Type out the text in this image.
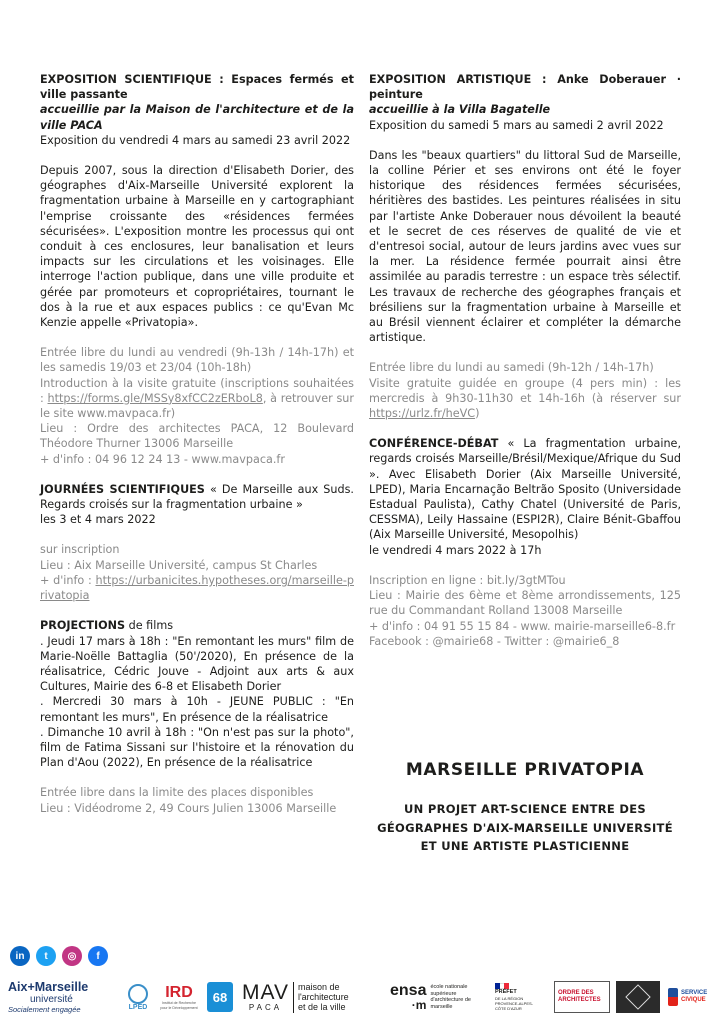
EXPOSITION SCIENTIFIQUE : Espaces fermés et ville passante

accueillie par la Maison de l'architecture et de la ville PACA

Exposition du vendredi 4 mars au samedi 23 avril 2022

Depuis 2007, sous la direction d'Elisabeth Dorier, des géographes d'Aix-Marseille Université explorent la fragmentation urbaine à Marseille en y cartographiant l'emprise croissante des «résidences fermées sécurisées». L'exposition montre les processus qui ont conduit à ces enclosures, leur banalisation et leurs impacts sur les circulations et les voisinages. Elle interroge l'action publique, dans une ville produite et gérée par promoteurs et copropriétaires, tournant le dos à la rue et aux espaces publics : ce qu'Evan Mc Kenzie appelle «Privatopia».

Entrée libre du lundi au vendredi (9h-13h / 14h-17h) et les samedis 19/03 et 23/04 (10h-18h)

Introduction à la visite gratuite (inscriptions souhaitées : https://forms.gle/MSSy8xfCC2zERboL8, à retrouver sur le site www.mavpaca.fr)

Lieu : Ordre des architectes PACA, 12 Boulevard Théodore Thurner 13006 Marseille

+ d'info : 04 96 12 24 13 - www.mavpaca.fr

JOURNÉES SCIENTIFIQUES « De Marseille aux Suds. Regards croisés sur la fragmentation urbaine »

les 3 et 4 mars 2022

sur inscription

Lieu : Aix Marseille Université, campus St Charles

+ d'info : https://urbanicites.hypotheses.org/marseille-privatopia

PROJECTIONS de films

. Jeudi 17 mars à 18h : "En remontant les murs" film de Marie-Noëlle Battaglia (50'/2020), En présence de la réalisatrice, Cédric Jouve - Adjoint aux arts & aux Cultures, Mairie des 6-8 et Elisabeth Dorier

. Mercredi 30 mars à 10h - JEUNE PUBLIC : "En remontant les murs", En présence de la réalisatrice

. Dimanche 10 avril à 18h : "On n'est pas sur la photo", film de Fatima Sissani sur l'histoire et la rénovation du Plan d'Aou (2022), En présence de la réalisatrice

Entrée libre dans la limite des places disponibles

Lieu : Vidéodrome 2, 49 Cours Julien 13006 Marseille

EXPOSITION ARTISTIQUE : Anke Doberauer · peinture

accueillie à la Villa Bagatelle

Exposition du samedi 5 mars au samedi 2 avril 2022

Dans les "beaux quartiers" du littoral Sud de Marseille, la colline Périer et ses environs ont été le foyer historique des résidences fermées sécurisées, héritières des bastides. Les peintures réalisées in situ par l'artiste Anke Doberauer nous dévoilent la beauté et le secret de ces réserves de qualité de vie et d'entresoi social, autour de leurs jardins avec vues sur la mer. La résidence fermée pourrait ainsi être assimilée au paradis terrestre : un espace très sélectif. Les travaux de recherche des géographes français et brésiliens sur la fragmentation urbaine à Marseille et au Brésil viennent éclairer et compléter la démarche artistique.

Entrée libre du lundi au samedi (9h-12h / 14h-17h)

Visite gratuite guidée en groupe (4 pers min) : les mercredis à 9h30-11h30 et 14h-16h (à réserver sur https://urlz.fr/heVC)

CONFÉRENCE-DÉBAT « La fragmentation urbaine, regards croisés Marseille/Brésil/Mexique/Afrique du Sud ». Avec Elisabeth Dorier (Aix Marseille Université, LPED), Maria Encarnação Beltrão Sposito (Universidade Estadual Paulista), Cathy Chatel (Université de Paris, CESSMA), Leily Hassaine (ESPI2R), Claire Bénit-Gbaffou (Aix Marseille Université, Mesopolhis)

le vendredi 4 mars 2022 à 17h

Inscription en ligne : bit.ly/3gtMTou

Lieu : Mairie des 6ème et 8ème arrondissements, 125 rue du Commandant Rolland 13008 Marseille

+ d'info : 04 91 55 15 84 - www. mairie-marseille6-8.fr

Facebook : @mairie68 - Twitter : @mairie6_8

MARSEILLE PRIVATOPIA
UN PROJET ART-SCIENCE ENTRE DES GÉOGRAPHES D'AIX-MARSEILLE UNIVERSITÉ ET UNE ARTISTE PLASTICIENNE
in	t	◎	f
Aix+Marseille
université
Socialement engagée	LPED
IRD
Institut de Recherche pour le Développement
68 MAV
PACA
maison de
l'architecture
et de la ville
ensa
·m
école nationale supérieure d'architecture de marseille
PRÉFET
DE LA RÉGION PROVENCE-ALPES-CÔTE D'AZUR
ORDRE DES ARCHITECTES
SERVICE
CIVIQUE
